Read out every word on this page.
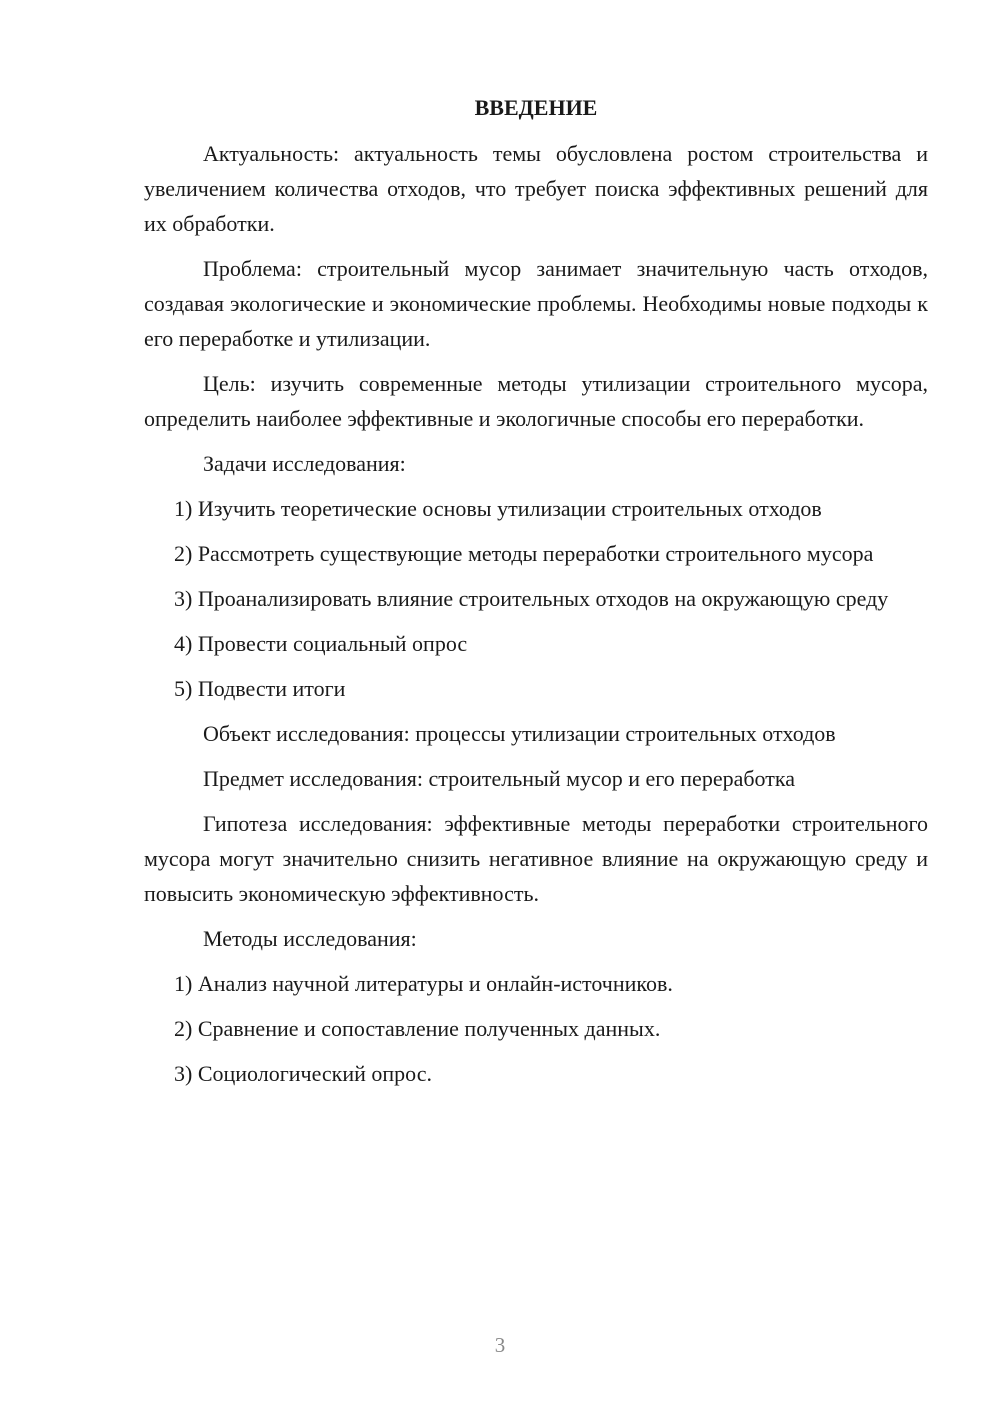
ВВЕДЕНИЕ

Актуальность: актуальность темы обусловлена ростом строительства и увеличением количества отходов, что требует поиска эффективных решений для их обработки.

Проблема: строительный мусор занимает значительную часть отходов, создавая экологические и экономические проблемы. Необходимы новые подходы к его переработке и утилизации.

Цель: изучить современные методы утилизации строительного мусора, определить наиболее эффективные и экологичные способы его переработки.

Задачи исследования:

1) Изучить теоретические основы утилизации строительных отходов

2) Рассмотреть существующие методы переработки строительного мусора

3) Проанализировать влияние строительных отходов на окружающую среду

4) Провести социальный опрос

5) Подвести итоги

Объект исследования: процессы утилизации строительных отходов

Предмет исследования: строительный мусор и его переработка

Гипотеза исследования: эффективные методы переработки строительного мусора могут значительно снизить негативное влияние на окружающую среду и повысить экономическую эффективность.

Методы исследования:

1) Анализ научной литературы и онлайн-источников.

2) Сравнение и сопоставление полученных данных.

3) Социологический опрос.

3
